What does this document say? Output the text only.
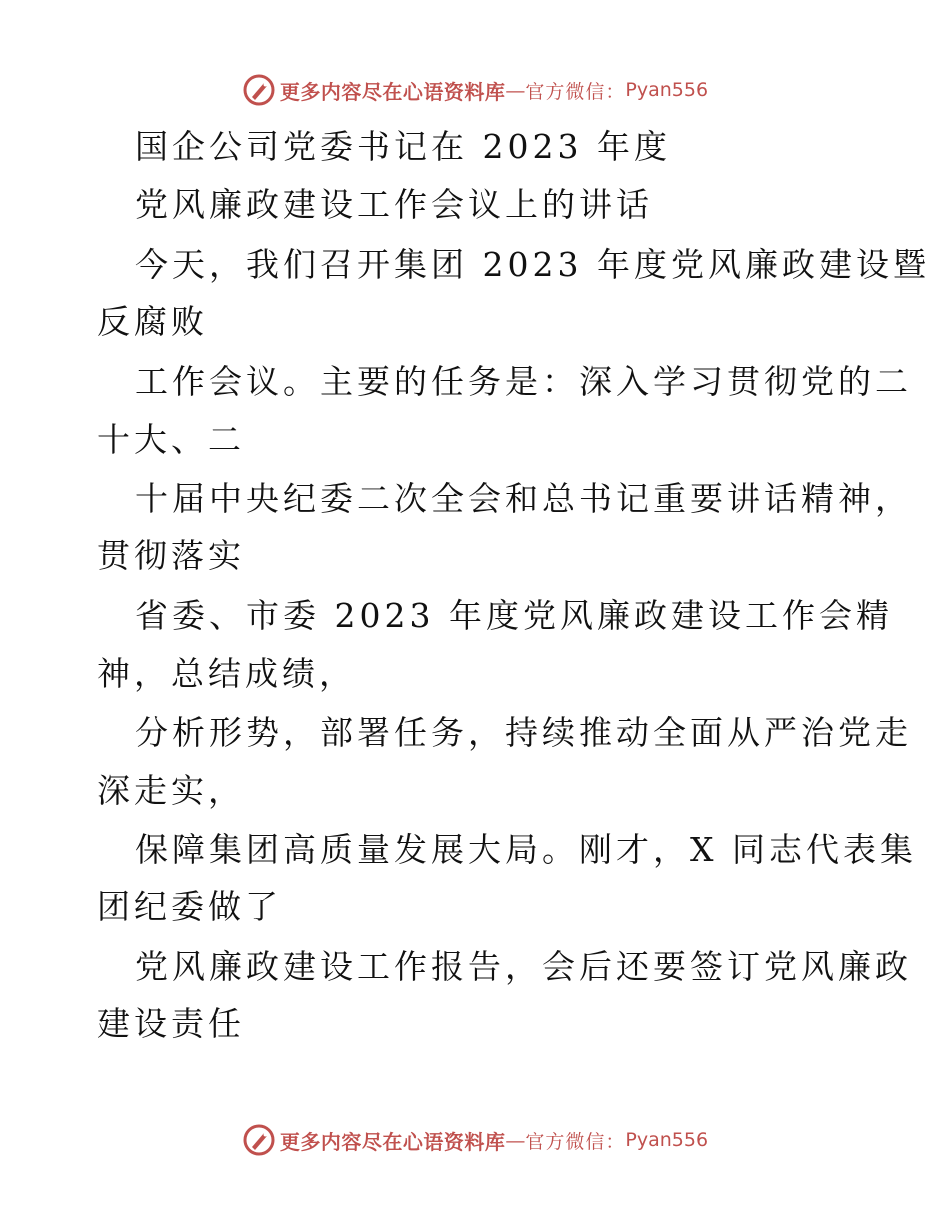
更多内容尽在心语资料库 — 官方微信： Pyan556
国企公司党委书记在 2023 年度
党风廉政建设工作会议上的讲话
今天，我们召开集团 2023 年度党风廉政建设暨
反腐败
工作会议。主要的任务是：深入学习贯彻党的二
十大、二
十届中央纪委二次全会和总书记重要讲话精神，
贯彻落实
省委、市委 2023 年度党风廉政建设工作会精
神，总结成绩，
分析形势，部署任务，持续推动全面从严治党走
深走实，
保障集团高质量发展大局。刚才，X 同志代表集
团纪委做了
党风廉政建设工作报告，会后还要签订党风廉政
建设责任
更多内容尽在心语资料库 — 官方微信： Pyan556
